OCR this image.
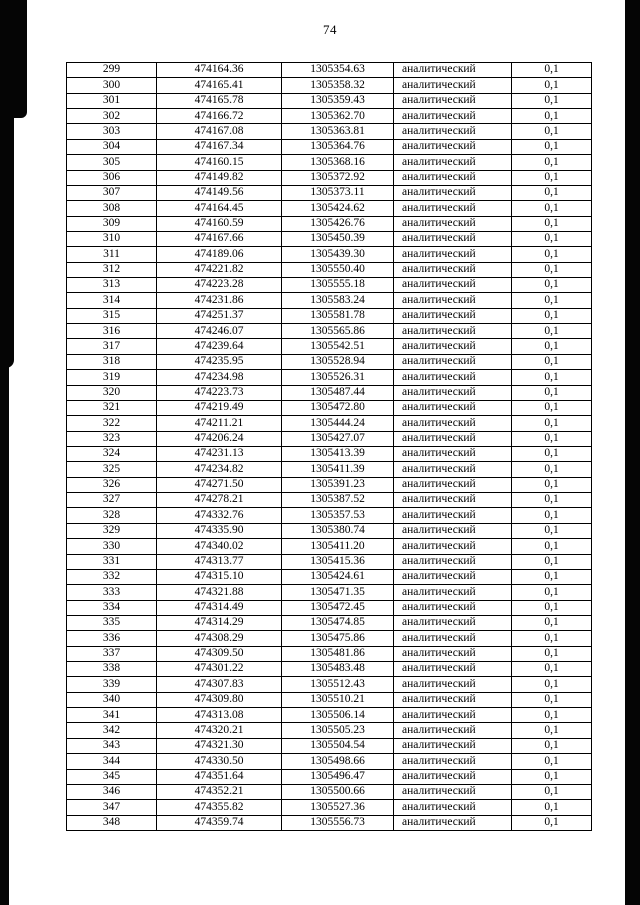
74
299	474164.36	1305354.63	аналитический	0,1
300	474165.41	1305358.32	аналитический	0,1
301	474165.78	1305359.43	аналитический	0,1
302	474166.72	1305362.70	аналитический	0,1
303	474167.08	1305363.81	аналитический	0,1
304	474167.34	1305364.76	аналитический	0,1
305	474160.15	1305368.16	аналитический	0,1
306	474149.82	1305372.92	аналитический	0,1
307	474149.56	1305373.11	аналитический	0,1
308	474164.45	1305424.62	аналитический	0,1
309	474160.59	1305426.76	аналитический	0,1
310	474167.66	1305450.39	аналитический	0,1
311	474189.06	1305439.30	аналитический	0,1
312	474221.82	1305550.40	аналитический	0,1
313	474223.28	1305555.18	аналитический	0,1
314	474231.86	1305583.24	аналитический	0,1
315	474251.37	1305581.78	аналитический	0,1
316	474246.07	1305565.86	аналитический	0,1
317	474239.64	1305542.51	аналитический	0,1
318	474235.95	1305528.94	аналитический	0,1
319	474234.98	1305526.31	аналитический	0,1
320	474223.73	1305487.44	аналитический	0,1
321	474219.49	1305472.80	аналитический	0,1
322	474211.21	1305444.24	аналитический	0,1
323	474206.24	1305427.07	аналитический	0,1
324	474231.13	1305413.39	аналитический	0,1
325	474234.82	1305411.39	аналитический	0,1
326	474271.50	1305391.23	аналитический	0,1
327	474278.21	1305387.52	аналитический	0,1
328	474332.76	1305357.53	аналитический	0,1
329	474335.90	1305380.74	аналитический	0,1
330	474340.02	1305411.20	аналитический	0,1
331	474313.77	1305415.36	аналитический	0,1
332	474315.10	1305424.61	аналитический	0,1
333	474321.88	1305471.35	аналитический	0,1
334	474314.49	1305472.45	аналитический	0,1
335	474314.29	1305474.85	аналитический	0,1
336	474308.29	1305475.86	аналитический	0,1
337	474309.50	1305481.86	аналитический	0,1
338	474301.22	1305483.48	аналитический	0,1
339	474307.83	1305512.43	аналитический	0,1
340	474309.80	1305510.21	аналитический	0,1
341	474313.08	1305506.14	аналитический	0,1
342	474320.21	1305505.23	аналитический	0,1
343	474321.30	1305504.54	аналитический	0,1
344	474330.50	1305498.66	аналитический	0,1
345	474351.64	1305496.47	аналитический	0,1
346	474352.21	1305500.66	аналитический	0,1
347	474355.82	1305527.36	аналитический	0,1
348	474359.74	1305556.73	аналитический	0,1
